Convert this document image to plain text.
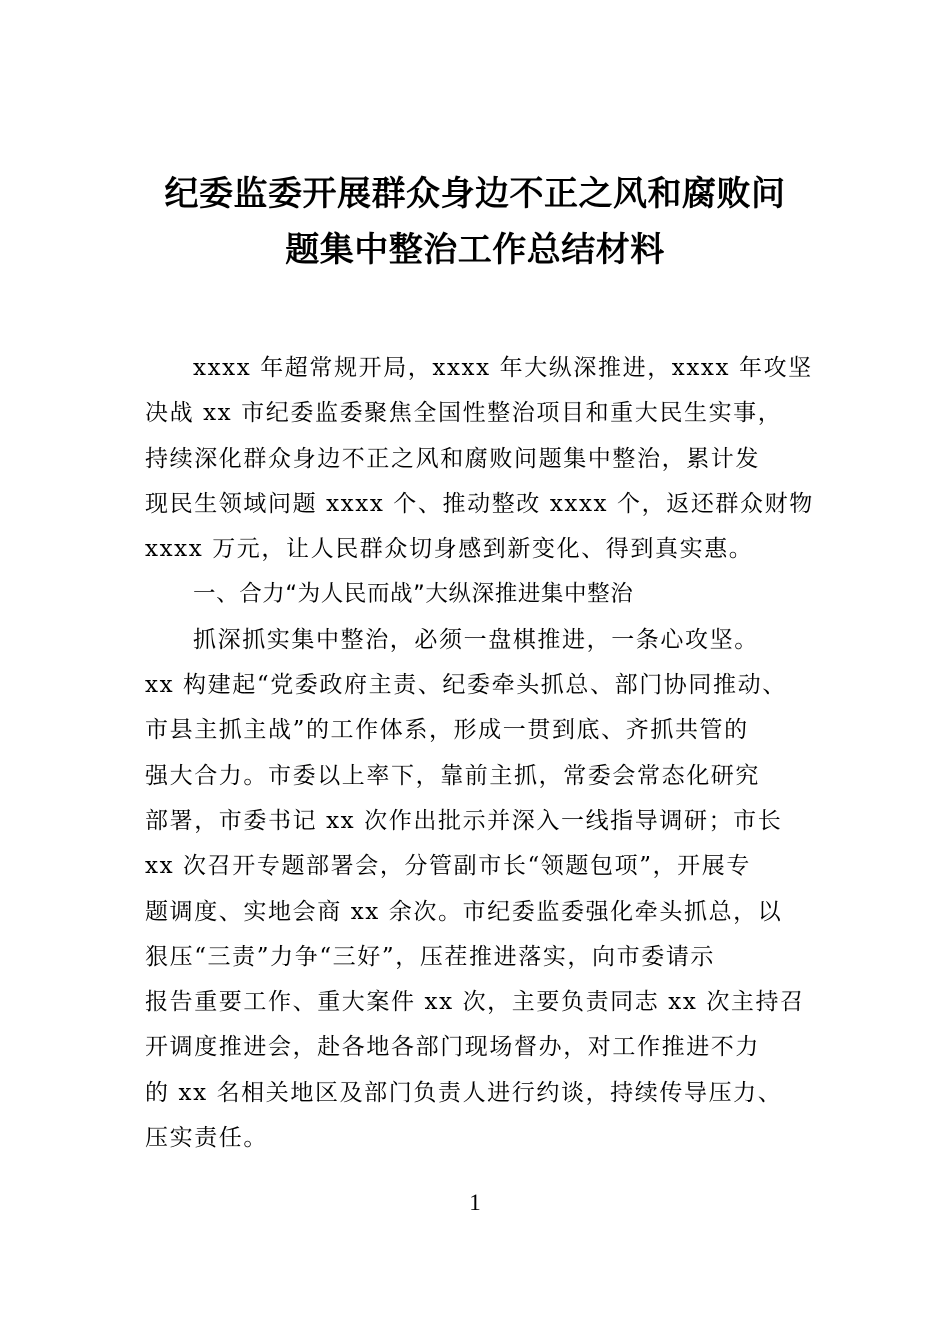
纪委监委开展群众身边不正之风和腐败问
题集中整治工作总结材料
xxxx 年超常规开局，xxxx 年大纵深推进，xxxx 年攻坚
决战 xx 市纪委监委聚焦全国性整治项目和重大民生实事，
持续深化群众身边不正之风和腐败问题集中整治，累计发
现民生领域问题 xxxx 个、推动整改 xxxx 个，返还群众财物
xxxx 万元，让人民群众切身感到新变化、得到真实惠。
一、合力“为人民而战”大纵深推进集中整治
抓深抓实集中整治，必须一盘棋推进，一条心攻坚。
xx 构建起“党委政府主责、纪委牵头抓总、部门协同推动、
市县主抓主战”的工作体系，形成一贯到底、齐抓共管的
强大合力。市委以上率下，靠前主抓，常委会常态化研究
部署，市委书记 xx 次作出批示并深入一线指导调研；市长
xx 次召开专题部署会，分管副市长“领题包项”，开展专
题调度、实地会商 xx 余次。市纪委监委强化牵头抓总，以
狠压“三责”力争“三好”，压茬推进落实，向市委请示
报告重要工作、重大案件 xx 次，主要负责同志 xx 次主持召
开调度推进会，赴各地各部门现场督办，对工作推进不力
的 xx 名相关地区及部门负责人进行约谈，持续传导压力、
压实责任。
1
